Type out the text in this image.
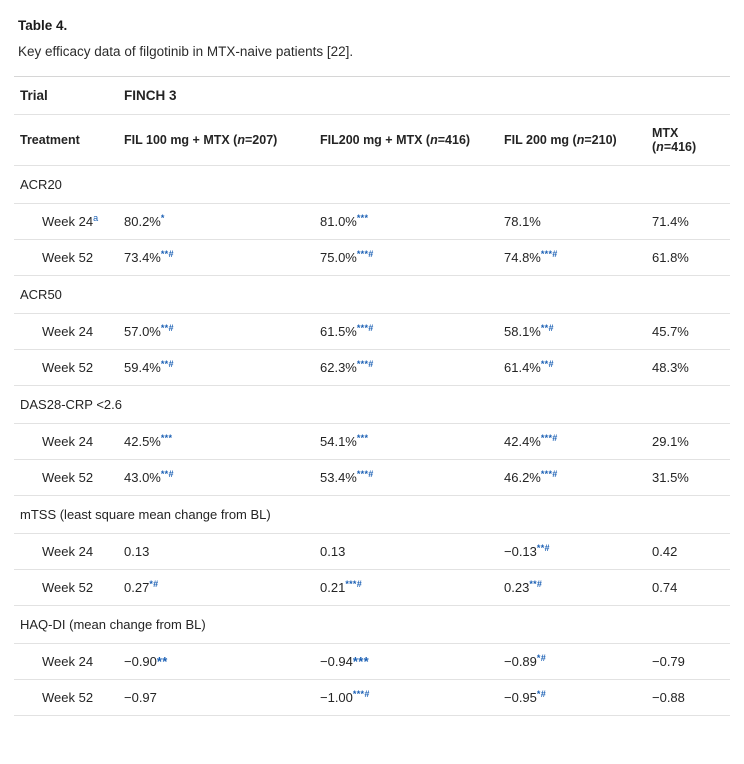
Table 4.
Key efficacy data of filgotinib in MTX-naive patients [22].
Trial	FINCH 3			
Treatment	FIL 100 mg + MTX (n=207)	FIL200 mg + MTX (n=416)	FIL 200 mg (n=210)	MTX (n=416)
ACR20				
Week 24$^a$	80.2%*	81.0%***	78.1%	71.4%
Week 52	73.4%**#	75.0%***#	74.8%***#	61.8%
ACR50				
Week 24	57.0%**#	61.5%***#	58.1%**#	45.7%
Week 52	59.4%**#	62.3%***#	61.4%**#	48.3%
DAS28-CRP <2.6				
Week 24	42.5%***	54.1%***	42.4%***#	29.1%
Week 52	43.0%**#	53.4%***#	46.2%***#	31.5%
mTSS (least square mean change from BL)				
Week 24	0.13	0.13	−0.13**#	0.42
Week 52	0.27*#	0.21***#	0.23**#	0.74
HAQ-DI (mean change from BL)				
Week 24	−0.90**	−0.94***	−0.89*#	−0.79
Week 52	−0.97	−1.00***#	−0.95*#	−0.88
